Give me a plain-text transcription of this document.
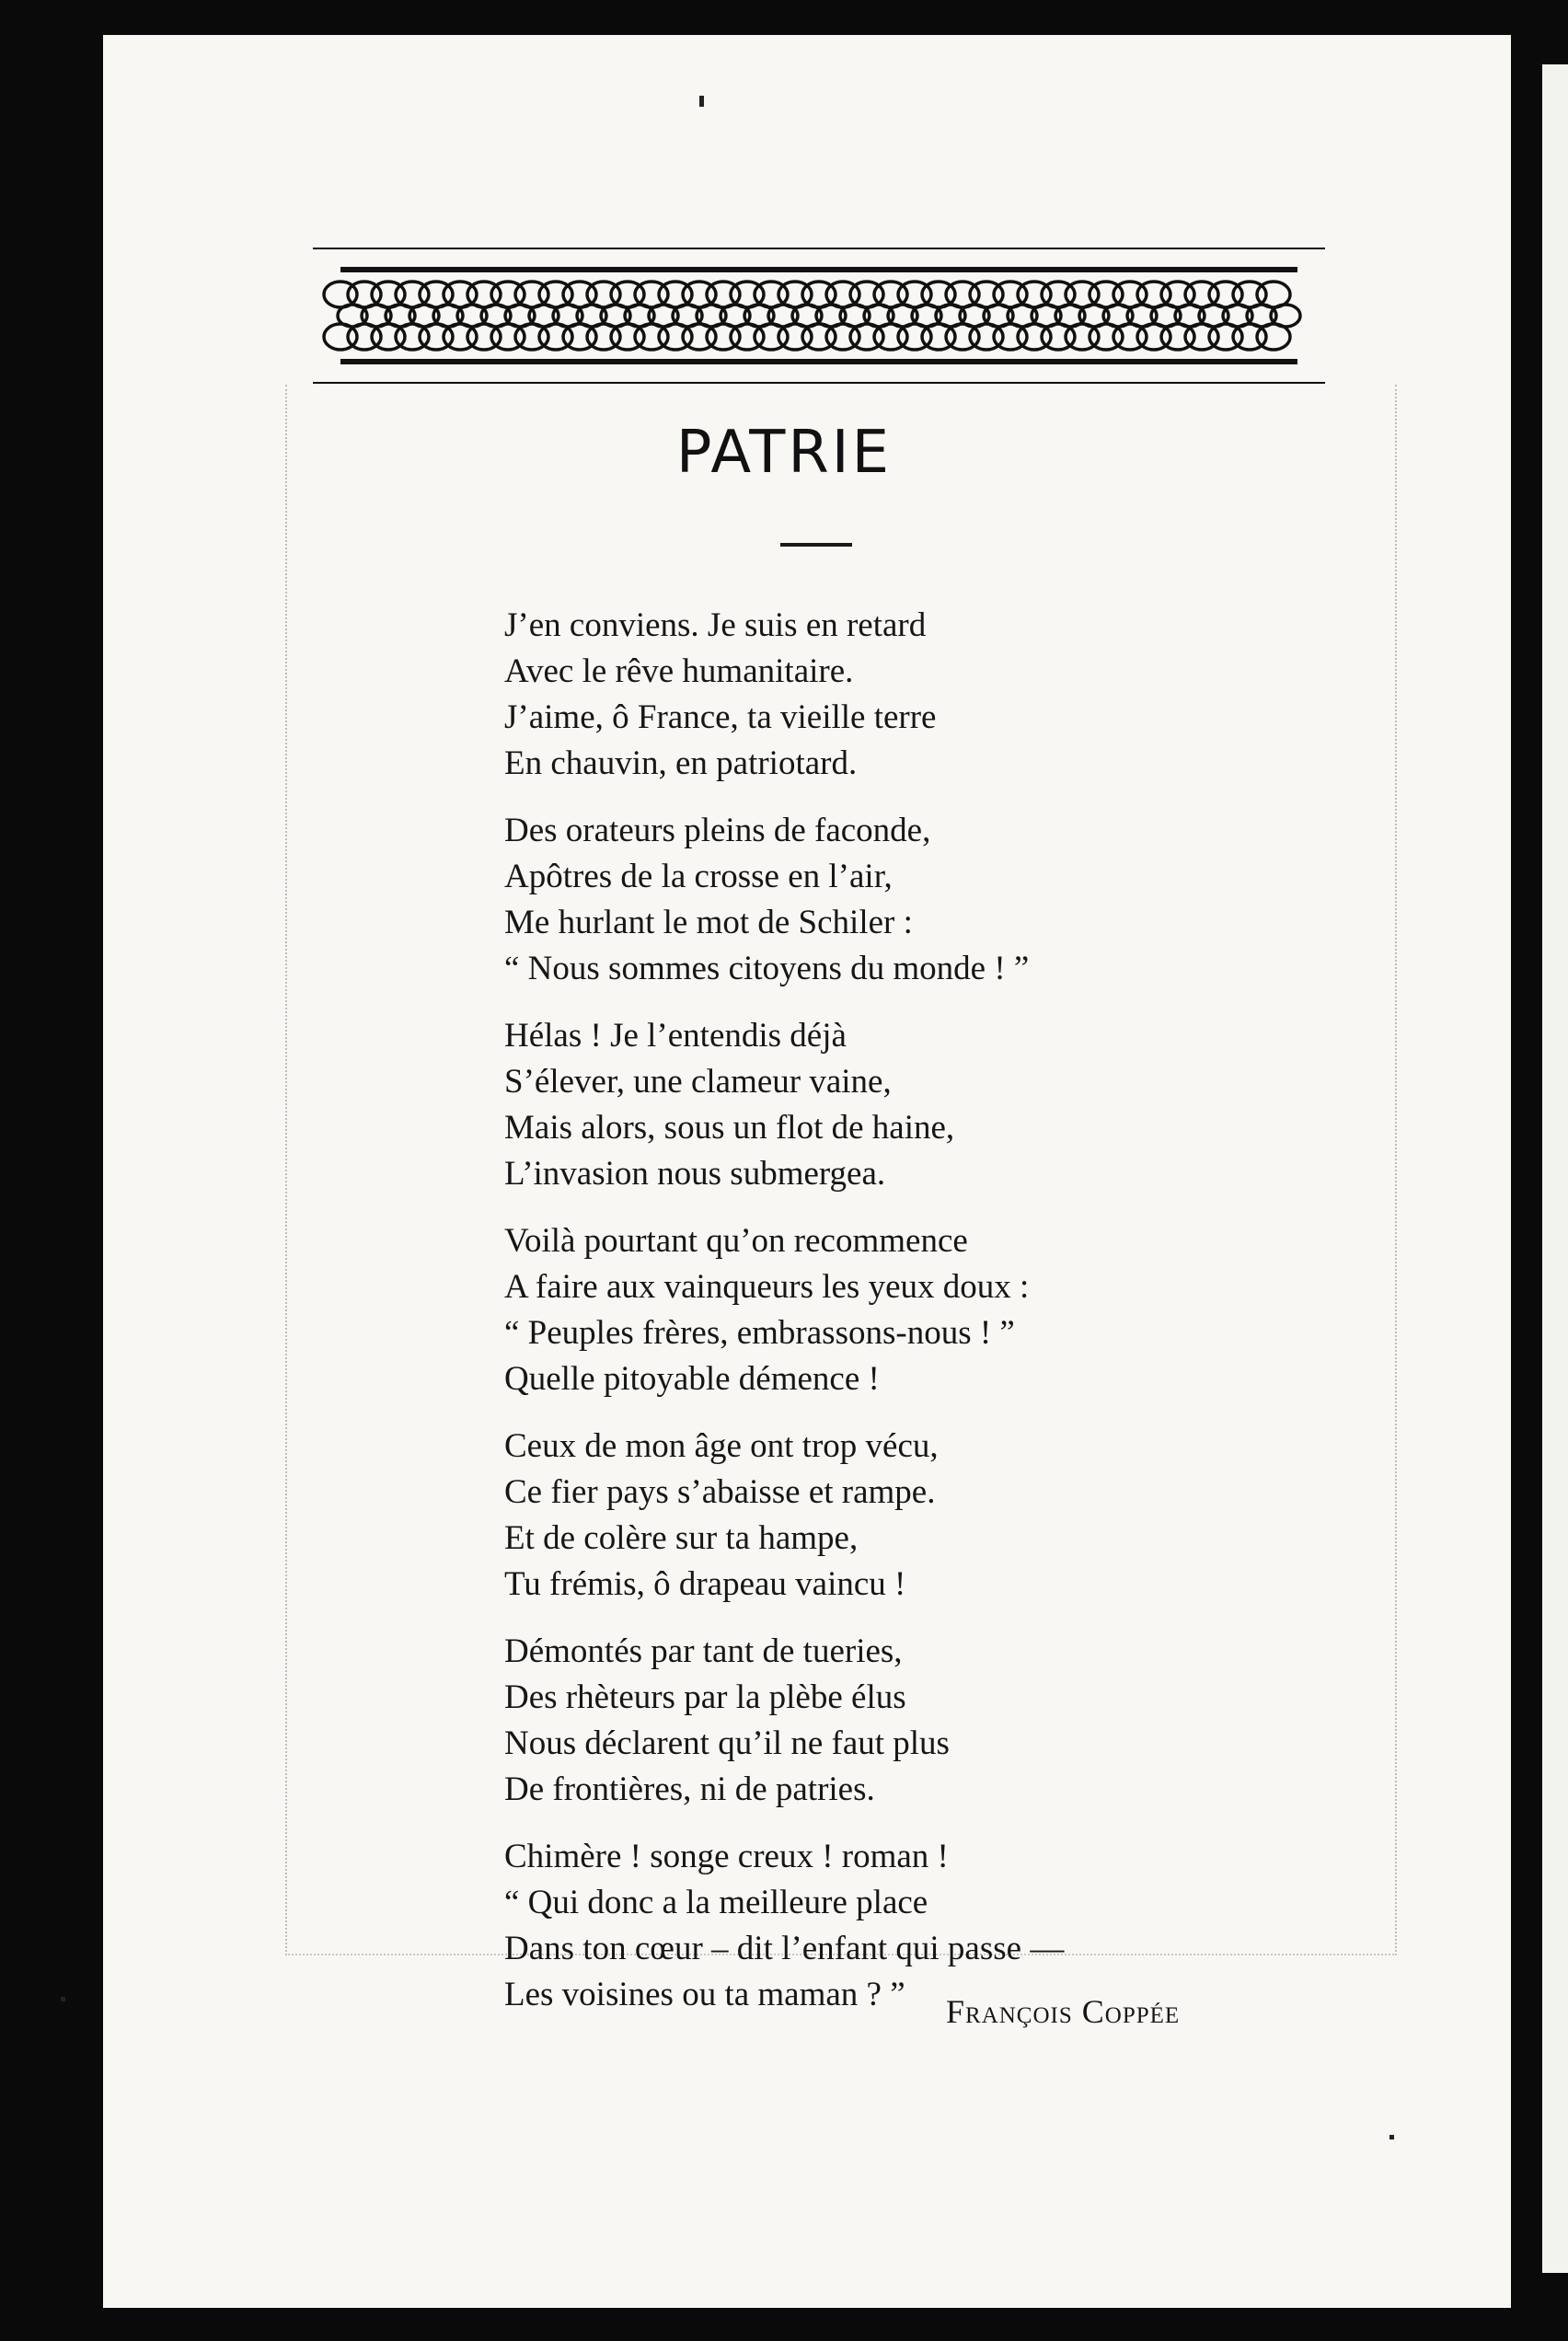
PATRIE
J’en conviens. Je suis en retard
Avec le rêve humanitaire.
J’aime, ô France, ta vieille terre
En chauvin, en patriotard.
Des orateurs pleins de faconde,
Apôtres de la crosse en l’air,
Me hurlant le mot de Schiler :
“ Nous sommes citoyens du monde ! ”
Hélas ! Je l’entendis déjà
S’élever, une clameur vaine,
Mais alors, sous un flot de haine,
L’invasion nous submergea.
Voilà pourtant qu’on recommence
A faire aux vainqueurs les yeux doux :
“ Peuples frères, embrassons-nous ! ”
Quelle pitoyable démence !
Ceux de mon âge ont trop vécu,
Ce fier pays s’abaisse et rampe.
Et de colère sur ta hampe,
Tu frémis, ô drapeau vaincu !
Démontés par tant de tueries,
Des rhèteurs par la plèbe élus
Nous déclarent qu’il ne faut plus
De frontières, ni de patries.
Chimère ! songe creux ! roman !
“ Qui donc a la meilleure place
Dans ton cœur – dit l’enfant qui passe —
Les voisines ou ta maman ? ”	François Coppée
